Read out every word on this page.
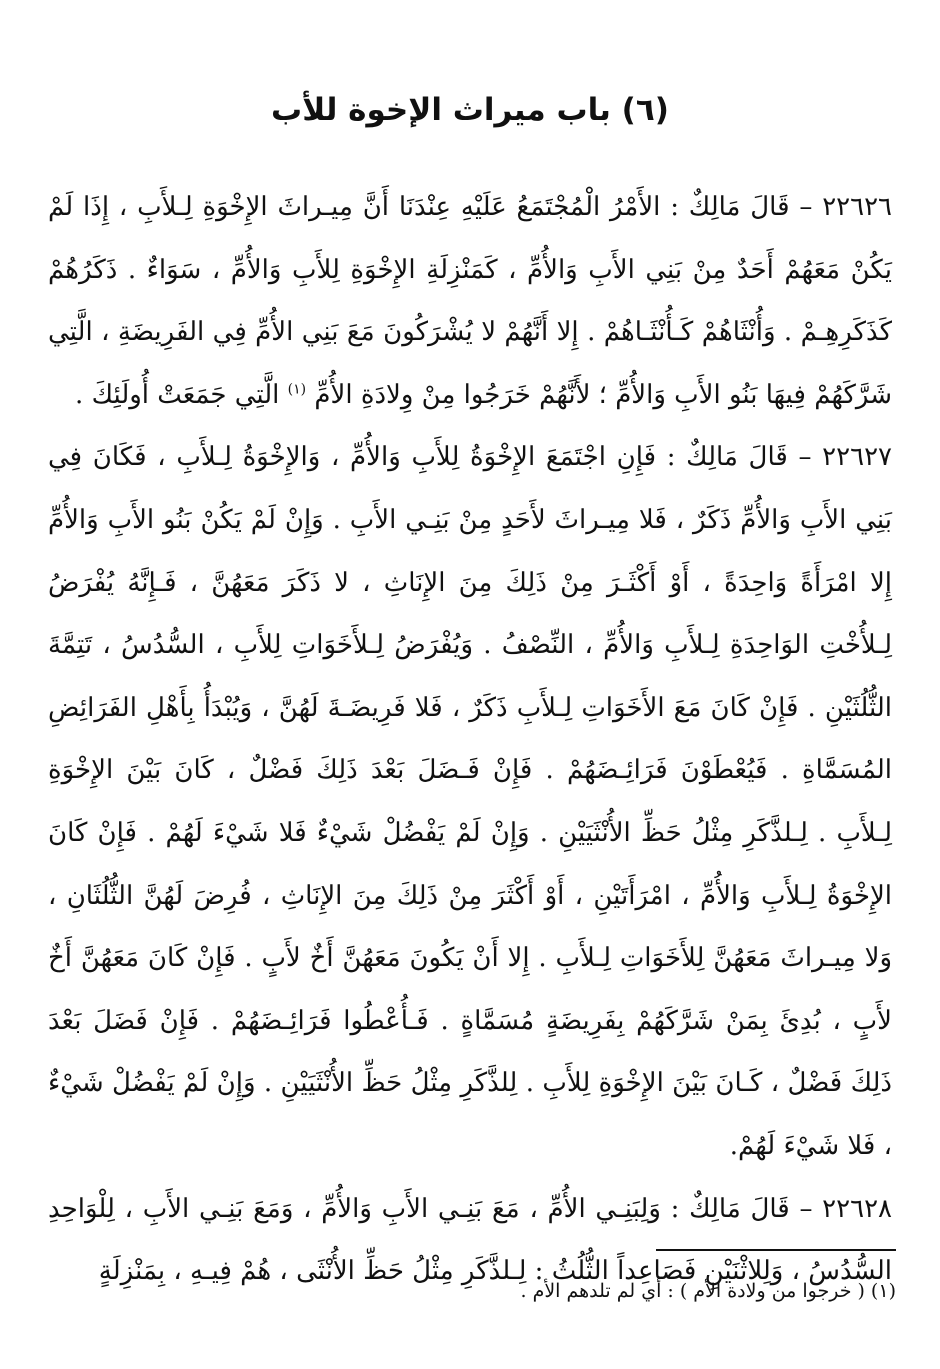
(٦) باب ميراث الإخوة للأب

٢٢٦٢٦ – قَالَ مَالِكٌ : الأَمْرُ الْمُجْتَمَعُ عَلَيْهِ عِنْدَنَا أَنَّ مِيـراثَ الإِخْوَةِ لِـلأَبِ ، إِذَا لَمْ يَكُنْ مَعَهُمْ أَحَدٌ مِنْ بَنِي الأَبِ وَالأُمِّ ، كَمَنْزِلَةِ الإِخْوَةِ لِلأَبِ وَالأُمِّ ، سَوَاءٌ . ذَكَرُهُمْ كَذَكَرِهِـمْ . وَأُنْثَاهُمْ كَـأُنْثَـاهُمْ . إِلا أَنَّهُمْ لا يُشْرَكُونَ مَعَ بَنِي الأُمِّ فِي الفَرِيضَةِ ، الَّتِي شَرَّكَهُمْ فِيهَا بَنُو الأَبِ وَالأُمِّ ؛ لأَنَّهُمْ خَرَجُوا مِنْ وِلادَةِ الأُمِّ $^{(١)}$ الَّتِي جَمَعَتْ أُولَئِكَ .

٢٢٦٢٧ – قَالَ مَالِكٌ : فَإِنِ اجْتَمَعَ الإِخْوَةُ لِلأَبِ وَالأُمِّ ، وَالإِخْوَةُ لِـلأَبِ ، فَكَانَ فِي بَنِي الأَبِ وَالأُمِّ ذَكَرٌ ، فَلا مِيـراثَ لأَحَدٍ مِنْ بَنِـي الأَبِ . وَإِنْ لَمْ يَكُنْ بَنُو الأَبِ وَالأُمِّ إِلا امْرَأَةً وَاحِدَةً ، أَوْ أَكْثَـرَ مِنْ ذَلِكَ مِنَ الإِنَاثِ ، لا ذَكَرَ مَعَهُنَّ ، فَـإِنَّهُ يُفْرَضُ لِـلأُخْتِ الوَاحِدَةِ لِـلأَبِ وَالأُمِّ ، النِّصْفُ . وَيُفْرَضُ لِـلأَخَوَاتِ لِلأَبِ ، السُّدُسُ ، تَتِمَّةَ الثُّلُثَيْنِ . فَإِنْ كَانَ مَعَ الأَخَوَاتِ لِـلأَبِ ذَكَرٌ ، فَلا فَرِيضَـةَ لَهُنَّ ، وَيُبْدَأُ بِأَهْلِ الفَرَائِضِ المُسَمَّاةِ . فَيُعْطَوْنَ فَرَائِـضَهُمْ . فَإِنْ فَـضَلَ بَعْدَ ذَلِكَ فَضْلٌ ، كَانَ بَيْنَ الإِخْوَةِ لِـلأَبِ . لِـلذَّكَرِ مِثْلُ حَظِّ الأُنْثَيَيْنِ . وَإِنْ لَمْ يَفْضُلْ شَيْءٌ فَلا شَيْءَ لَهُمْ . فَإِنْ كَانَ الإِخْوَةُ لِـلأَبِ وَالأُمِّ ، امْرَأَتَيْنِ ، أَوْ أَكْثَرَ مِنْ ذَلِكَ مِنَ الإِنَاثِ ، فُرِضَ لَهُنَّ الثُّلُثَانِ ، وَلا مِيـراثَ مَعَهُنَّ لِلأَخَوَاتِ لِـلأَبِ . إِلا أَنْ يَكُونَ مَعَهُنَّ أَخٌ لأَبٍ . فَإِنْ كَانَ مَعَهُنَّ أَخٌ لأَبٍ ، بُدِئَ بِمَنْ شَرَّكَهُمْ بِفَرِيضَةٍ مُسَمَّاةٍ . فَـأُعْطُوا فَرَائِـضَهُمْ . فَإِنْ فَضَلَ بَعْدَ ذَلِكَ فَضْلٌ ، كَـانَ بَيْنَ الإِخْوَةِ لِلأَبِ . لِلذَّكَرِ مِثْلُ حَظِّ الأُنْثَيَيْنِ . وَإِنْ لَمْ يَفْضُلْ شَيْءٌ ، فَلا شَيْءَ لَهُمْ.

٢٢٦٢٨ – قَالَ مَالِكٌ : وَلِبَنِـي الأُمِّ ، مَعَ بَنِـي الأَبِ وَالأُمِّ ، وَمَعَ بَنِـي الأَبِ ، لِلْوَاحِدِ السُّدُسُ ، وَلِلاثْنَيْنِ فَصَاعِداً الثُّلُثُ : لِـلذَّكَرِ مِثْلُ حَظِّ الأُنْثَى ، هُمْ فِيـهِ ، بِمَنْزِلَةٍ

(١) ( خرجوا من ولادة الأم ) : أي لم تلدهم الأم .
